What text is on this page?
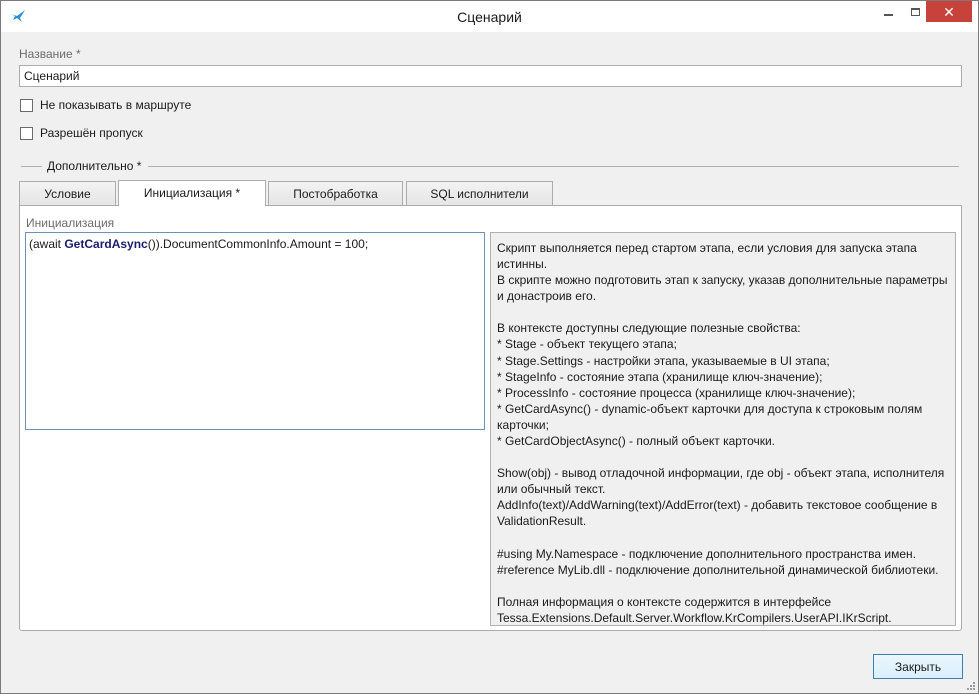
Сценарий	✕
Название *
Сценарий
Не показывать в маршруте
Разрешён пропуск
Дополнительно *
Условие	Инициализация *	Постобработка	SQL исполнители
Инициализация
(await GetCardAsync()).DocumentCommonInfo.Amount = 100;	Скрипт выполняется перед стартом этапа, если условия для запуска этапа истинны.

В скрипте можно подготовить этап к запуску, указав дополнительные параметры и донастроив его.

В контексте доступны следующие полезные свойства:

* Stage - объект текущего этапа;

* Stage.Settings - настройки этапа, указываемые в UI этапа;

* StageInfo - состояние этапа (хранилище ключ-значение);

* ProcessInfo - состояние процесса (хранилище ключ-значение);

* GetCardAsync() - dynamic-объект карточки для доступа к строковым полям карточки;

* GetCardObjectAsync() - полный объект карточки.

Show(obj) - вывод отладочной информации, где obj - объект этапа, исполнителя или обычный текст.

AddInfo(text)/AddWarning(text)/AddError(text) - добавить текстовое сообщение в ValidationResult.

#using My.Namespace - подключение дополнительного пространства имен.

#reference MyLib.dll - подключение дополнительной динамической библиотеки.

Полная информация о контексте содержится в интерфейсе Tessa.Extensions.Default.Server.Workflow.KrCompilers.UserAPI.IKrScript.

Закрыть
